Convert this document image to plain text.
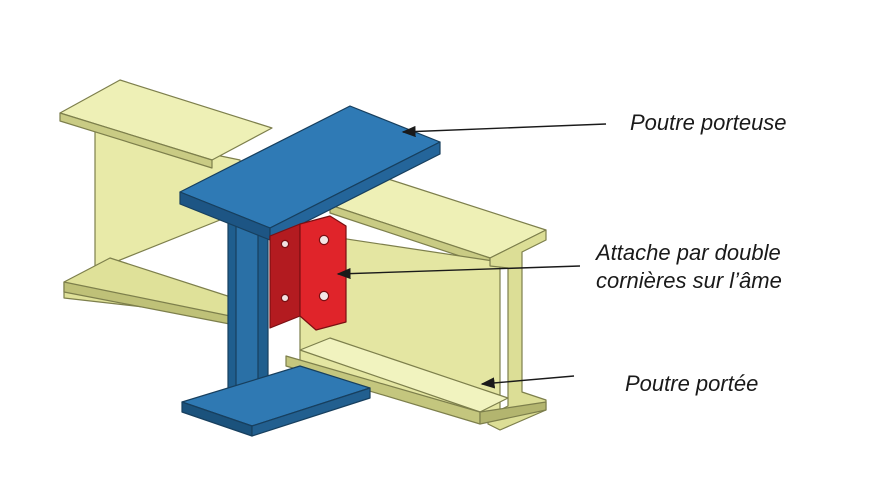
Poutre porteuse
Attache par double
cornières sur l’âme
Poutre portée
